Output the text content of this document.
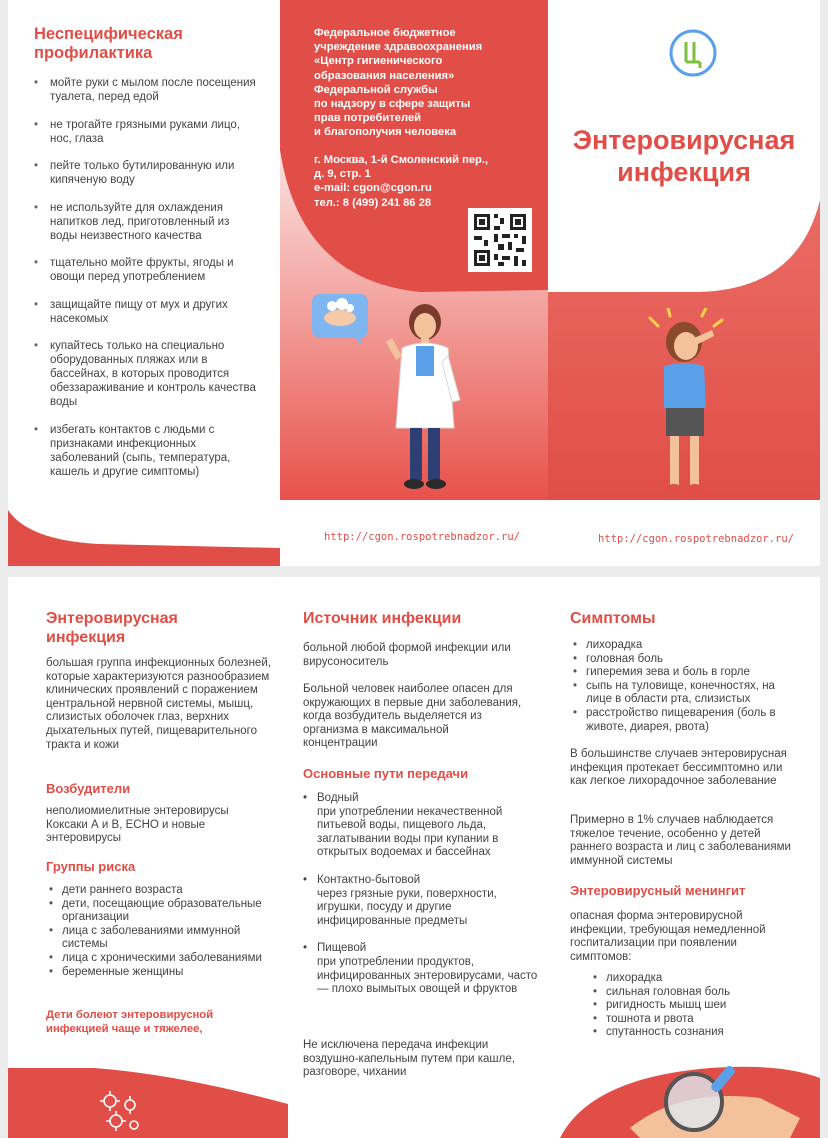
Неспецифическая профилактика
• мойте руки с мылом после посещения туалета, перед едой
• не трогайте грязными руками лицо, нос, глаза
• пейте только бутилированную или кипяченую воду
• не используйте для охлаждения напитков лед, приготовленный из воды неизвестного качества
• тщательно мойте фрукты, ягоды и овощи перед употреблением
• защищайте пищу от мух и других насекомых
• купайтесь только на специально оборудованных пляжах или в бассейнах, в которых проводится обеззараживание и контроль качества воды
• избегать контактов с людьми с признаками инфекционных заболеваний (сыпь, температура, кашель и другие симптомы)
Федеральное бюджетное
учреждение здравоохранения
«Центр гигиенического
образования населения»
Федеральной службы
по надзору в сфере защиты
прав потребителей
и благополучия человека
г. Москва, 1-й Смоленский пер.,
д. 9, стр. 1
e-mail: cgon@cgon.ru
тел.: 8 (499) 241 86 28
http://cgon.rospotrebnadzor.ru/
Энтеровирусная
инфекция
http://cgon.rospotrebnadzor.ru/
Энтеровирусная инфекция
большая группа инфекционных болезней, которые характеризуются разнообразием клинических проявлений с поражением центральной нервной системы, мышц, слизистых оболочек глаз, верхних дыхательных путей, пищеварительного тракта и кожи
Возбудители
неполиомиелитные энтеровирусы Коксаки А и В, ЕСНО и новые энтеровирусы
Группы риска
• дети раннего возраста
• дети, посещающие образовательные организации
• лица с заболеваниями иммунной системы
• лица с хроническими заболеваниями
• беременные женщины
Дети болеют энтеровирусной инфекцией чаще и тяжелее,
Источник инфекции
больной любой формой инфекции или вирусоноситель
Больной человек наиболее опасен для окружающих в первые дни заболевания, когда возбудитель выделяется из организма в максимальной концентрации
Основные пути передачи
• Водный
при употреблении некачественной питьевой воды, пищевого льда, заглатывании воды при купании в открытых водоемах и бассейнах
• Контактно-бытовой
через грязные руки, поверхности, игрушки, посуду и другие инфицированные предметы
• Пищевой
при употреблении продуктов, инфицированных энтеровирусами, часто — плохо вымытых овощей и фруктов
Не исключена передача инфекции воздушно-капельным путем при кашле, разговоре, чихании
Симптомы
• лихорадка
• головная боль
• гиперемия зева и боль в горле
• сыпь на туловище, конечностях, на лице в области рта, слизистых
• расстройство пищеварения (боль в животе, диарея, рвота)
В большинстве случаев энтеровирусная инфекция протекает бессимптомно или как легкое лихорадочное заболевание
Примерно в 1% случаев наблюдается тяжелое течение, особенно у детей раннего возраста и лиц с заболеваниями иммунной системы
Энтеровирусный менингит
опасная форма энтеровирусной инфекции, требующая немедленной госпитализации при появлении симптомов:
• лихорадка
• сильная головная боль
• ригидность мышц шеи
• тошнота и рвота
• спутанность сознания
